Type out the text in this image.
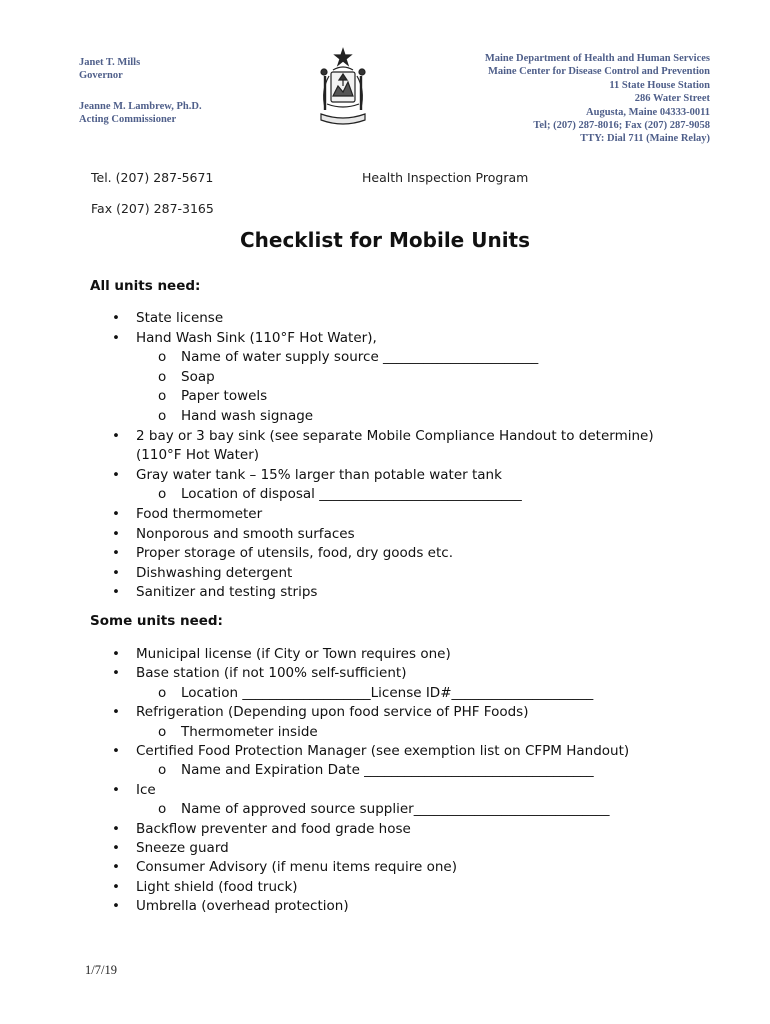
Janet T. Mills
Governor
Jeanne M. Lambrew, Ph.D.
Acting Commissioner
Maine Department of Health and Human Services
Maine Center for Disease Control and Prevention
11 State House Station
286 Water Street
Augusta, Maine 04333-0011
Tel; (207) 287-8016; Fax (207) 287-9058
TTY: Dial 711 (Maine Relay)
Tel. (207) 287-5671	Health Inspection Program
Fax (207) 287-3165
Checklist for Mobile Units
All units need:
• State license
• Hand Wash Sink (110°F Hot Water),
o Name of water supply source _______________________
o Soap
o Paper towels
o Hand wash signage
• 2 bay or 3 bay sink (see separate Mobile Compliance Handout to determine) (110°F Hot Water)
• Gray water tank – 15% larger than potable water tank
o Location of disposal ______________________________
• Food thermometer
• Nonporous and smooth surfaces
• Proper storage of utensils, food, dry goods etc.
• Dishwashing detergent
• Sanitizer and testing strips
Some units need:
• Municipal license (if City or Town requires one)
• Base station (if not 100% self-sufficient)
o Location ___________________License ID#_____________________
• Refrigeration (Depending upon food service of PHF Foods)
o Thermometer inside
• Certified Food Protection Manager (see exemption list on CFPM Handout)
o Name and Expiration Date __________________________________
• Ice
o Name of approved source supplier_____________________________
• Backflow preventer and food grade hose
• Sneeze guard
• Consumer Advisory (if menu items require one)
• Light shield (food truck)
• Umbrella (overhead protection)
1/7/19
